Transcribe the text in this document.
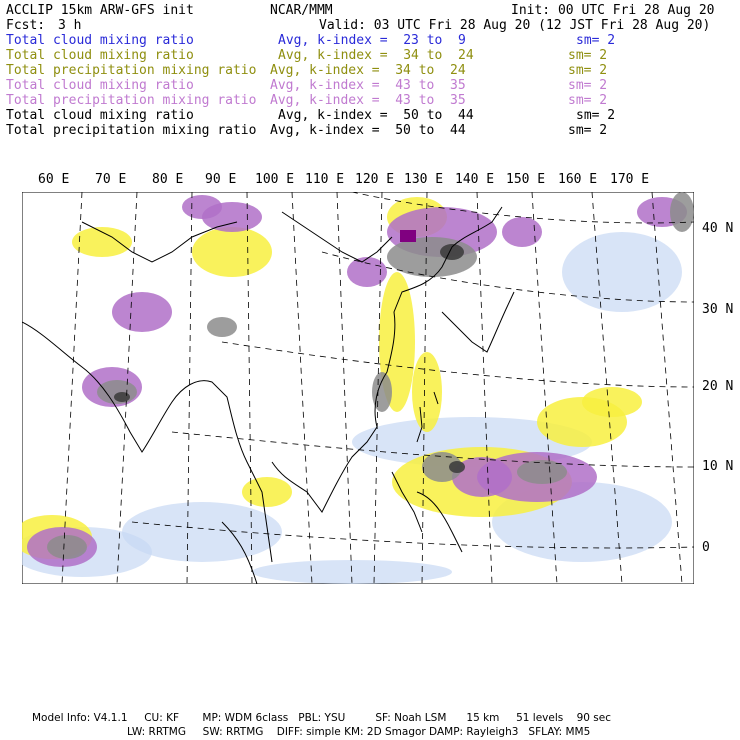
ACCLIP 15km ARW-GFS init	NCAR/MMM	Init: 00 UTC Fri 28 Aug 20
Fcst: 3 h	Valid: 03 UTC Fri 28 Aug 20 (12 JST Fri 28 Aug 20)
Total cloud mixing ratio	Avg, k-index =  23 to  9	sm= 2
Total cloud mixing ratio	Avg, k-index =  34 to  24	sm= 2
Total precipitation mixing ratio Avg, k-index =  34 to  24	sm= 2
Total cloud mixing ratio	Avg, k-index =  43 to  35	sm= 2
Total precipitation mixing ratio Avg, k-index =  43 to  35	sm= 2
Total cloud mixing ratio	Avg, k-index =  50 to  44	sm= 2
Total precipitation mixing ratio Avg, k-index =  50 to  44	sm= 2
60 E 70 E 80 E 90 E 100 E 110 E 120 E 130 E 140 E 150 E 160 E 170 E
40 N
30 N
20 N
10 N
0
Model Info: V4.1.1     CU: KF       MP: WDM 6class   PBL: YSU         SF: Noah LSM      15 km     51 levels    90 sec
LW: RRTMG     SW: RRTMG    DIFF: simple KM: 2D Smagor DAMP: Rayleigh3   SFLAY: MM5
